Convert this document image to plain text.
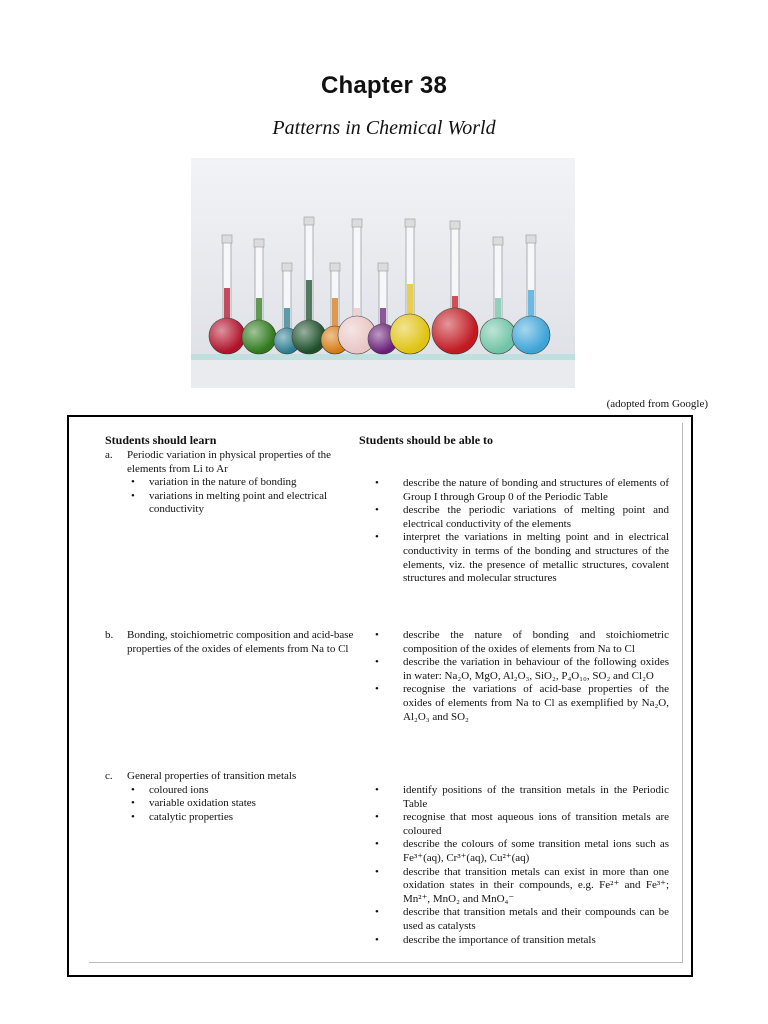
Chapter 38
Patterns in Chemical World
(adopted from Google)
Students should learn	Students should be able to
a. Periodic variation in physical properties of the elements from Li to Ar
• variation in the nature of bonding
• variations in melting point and electrical conductivity
• describe the nature of bonding and structures of elements of Group I through Group 0 of the Periodic Table
• describe the periodic variations of melting point and electrical conductivity of the elements
• interpret the variations in melting point and in electrical conductivity in terms of the bonding and structures of the elements, viz. the presence of metallic structures, covalent structures and molecular structures
b. Bonding, stoichiometric composition and acid-base properties of the oxides of elements from Na to Cl
• describe the nature of bonding and stoichiometric composition of the oxides of elements from Na to Cl
• describe the variation in behaviour of the following oxides in water: Na₂O, MgO, Al₂O₃, SiO₂, P₄O₁₀, SO₂ and Cl₂O
• recognise the variations of acid-base properties of the oxides of elements from Na to Cl as exemplified by Na₂O, Al₂O₃ and SO₂
c. General properties of transition metals
• coloured ions
• variable oxidation states
• catalytic properties
• identify positions of the transition metals in the Periodic Table
• recognise that most aqueous ions of transition metals are coloured
• describe the colours of some transition metal ions such as Fe³⁺(aq), Cr³⁺(aq), Cu²⁺(aq)
• describe that transition metals can exist in more than one oxidation states in their compounds, e.g. Fe²⁺ and Fe³⁺; Mn²⁺, MnO₂ and MnO₄⁻
• describe that transition metals and their compounds can be used as catalysts
• describe the importance of transition metals
